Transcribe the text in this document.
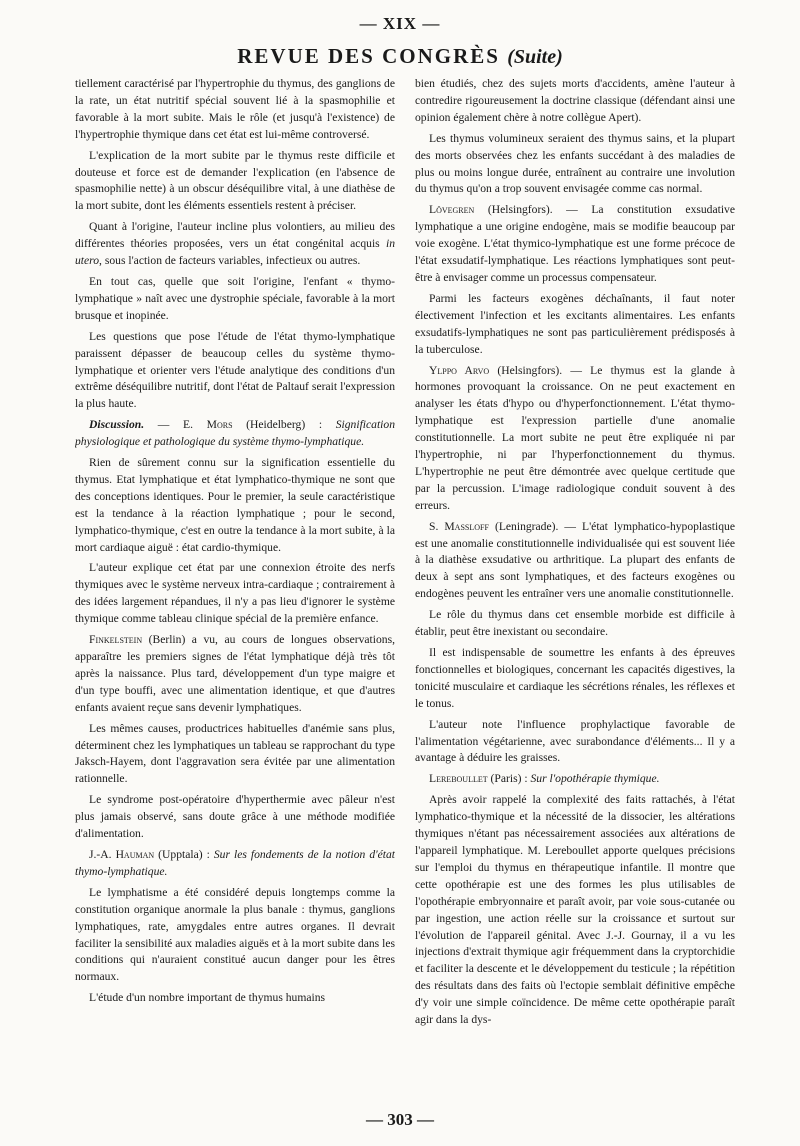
— XIX —
REVUE DES CONGRÈS (Suite)

tiellement caractérisé par l'hypertrophie du thymus, des ganglions de la rate, un état nutritif spécial souvent lié à la spasmophilie et favorable à la mort subite. Mais le rôle (et jusqu'à l'existence) de l'hypertrophie thymique dans cet état est lui-même controversé.

L'explication de la mort subite par le thymus reste difficile et douteuse et force est de demander l'explication (en l'absence de spasmophilie nette) à un obscur déséquilibre vital, à une diathèse de la mort subite, dont les éléments essentiels restent à préciser.

Quant à l'origine, l'auteur incline plus volontiers, au milieu des différentes théories proposées, vers un état congénital acquis in utero, sous l'action de facteurs variables, infectieux ou autres.

En tout cas, quelle que soit l'origine, l'enfant « thymo-lymphatique » naît avec une dystrophie spéciale, favorable à la mort brusque et inopinée.

Les questions que pose l'étude de l'état thymo-lymphatique paraissent dépasser de beaucoup celles du système thymo-lymphatique et orienter vers l'étude analytique des conditions d'un extrême déséquilibre nutritif, dont l'état de Paltauf serait l'expression la plus haute.

Discussion. — E. Mors (Heidelberg) : Signification physiologique et pathologique du système thymo-lymphatique.

Rien de sûrement connu sur la signification essentielle du thymus. Etat lymphatique et état lymphatico-thymique ne sont que des conceptions identiques. Pour le premier, la seule caractéristique est la tendance à la réaction lymphatique ; pour le second, lymphatico-thymique, c'est en outre la tendance à la mort subite, à la mort cardiaque aiguë : état cardio-thymique.

L'auteur explique cet état par une connexion étroite des nerfs thymiques avec le système nerveux intra-cardiaque ; contrairement à des idées largement répandues, il n'y a pas lieu d'ignorer le système thymique comme tableau clinique spécial de la première enfance.

Finkelstein (Berlin) a vu, au cours de longues observations, apparaître les premiers signes de l'état lymphatique déjà très tôt après la naissance. Plus tard, développement d'un type maigre et d'un type bouffi, avec une alimentation identique, et que d'autres enfants avaient reçue sans devenir lymphatiques.

Les mêmes causes, productrices habituelles d'anémie sans plus, déterminent chez les lymphatiques un tableau se rapprochant du type Jaksch-Hayem, dont l'aggravation sera évitée par une alimentation rationnelle.

Le syndrome post-opératoire d'hyperthermie avec pâleur n'est plus jamais observé, sans doute grâce à une méthode modifiée d'alimentation.

J.-A. Hauman (Upptala) : Sur les fondements de la notion d'état thymo-lymphatique.

Le lymphatisme a été considéré depuis longtemps comme la constitution organique anormale la plus banale : thymus, ganglions lymphatiques, rate, amygdales entre autres organes. Il devrait faciliter la sensibilité aux maladies aiguës et à la mort subite dans les conditions qui n'auraient constitué aucun danger pour les êtres normaux.

L'étude d'un nombre important de thymus humains

bien étudiés, chez des sujets morts d'accidents, amène l'auteur à contredire rigoureusement la doctrine classique (défendant ainsi une opinion également chère à notre collègue Apert).

Les thymus volumineux seraient des thymus sains, et la plupart des morts observées chez les enfants succédant à des maladies de plus ou moins longue durée, entraînent au contraire une involution du thymus qu'on a trop souvent envisagée comme cas normal.

Lövegren (Helsingfors). — La constitution exsudative lymphatique a une origine endogène, mais se modifie beaucoup par voie exogène. L'état thymico-lymphatique est une forme précoce de l'état exsudatif-lymphatique. Les réactions lymphatiques sont peut-être à envisager comme un processus compensateur.

Parmi les facteurs exogènes déchaînants, il faut noter électivement l'infection et les excitants alimentaires. Les enfants exsudatifs-lymphatiques ne sont pas particulièrement prédisposés à la tuberculose.

Ylppo Arvo (Helsingfors). — Le thymus est la glande à hormones provoquant la croissance. On ne peut exactement en analyser les états d'hypo ou d'hyperfonctionnement. L'état thymo-lymphatique est l'expression partielle d'une anomalie constitutionnelle. La mort subite ne peut être expliquée ni par l'hypertrophie, ni par l'hyperfonctionnement du thymus. L'hypertrophie ne peut être démontrée avec quelque certitude que par la percussion. L'image radiologique conduit souvent à des erreurs.

S. Massloff (Leningrade). — L'état lymphatico-hypoplastique est une anomalie constitutionnelle individualisée qui est souvent liée à la diathèse exsudative ou arthritique. La plupart des enfants de deux à sept ans sont lymphatiques, et des facteurs exogènes ou endogènes peuvent les entraîner vers une anomalie constitutionnelle.

Le rôle du thymus dans cet ensemble morbide est difficile à établir, peut être inexistant ou secondaire.

Il est indispensable de soumettre les enfants à des épreuves fonctionnelles et biologiques, concernant les capacités digestives, la tonicité musculaire et cardiaque les sécrétions rénales, les réflexes et le tonus.

L'auteur note l'influence prophylactique favorable de l'alimentation végétarienne, avec surabondance d'éléments... Il y a avantage à déduire les graisses.

Lereboullet (Paris) : Sur l'opothérapie thymique.

Après avoir rappelé la complexité des faits rattachés, à l'état lymphatico-thymique et la nécessité de la dissocier, les altérations thymiques n'étant pas nécessairement associées aux altérations de l'appareil lymphatique. M. Lereboullet apporte quelques précisions sur l'emploi du thymus en thérapeutique infantile. Il montre que cette opothérapie est une des formes les plus utilisables de l'opothérapie embryonnaire et paraît avoir, par voie sous-cutanée ou par ingestion, une action réelle sur la croissance et surtout sur l'évolution de l'appareil génital. Avec J.-J. Gournay, il a vu les injections d'extrait thymique agir fréquemment dans la cryptorchidie et faciliter la descente et le développement du testicule ; la répétition des résultats dans des faits où l'ectopie semblait définitive empêche d'y voir une simple coïncidence. De même cette opothérapie paraît agir dans la dys-

— 303 —
